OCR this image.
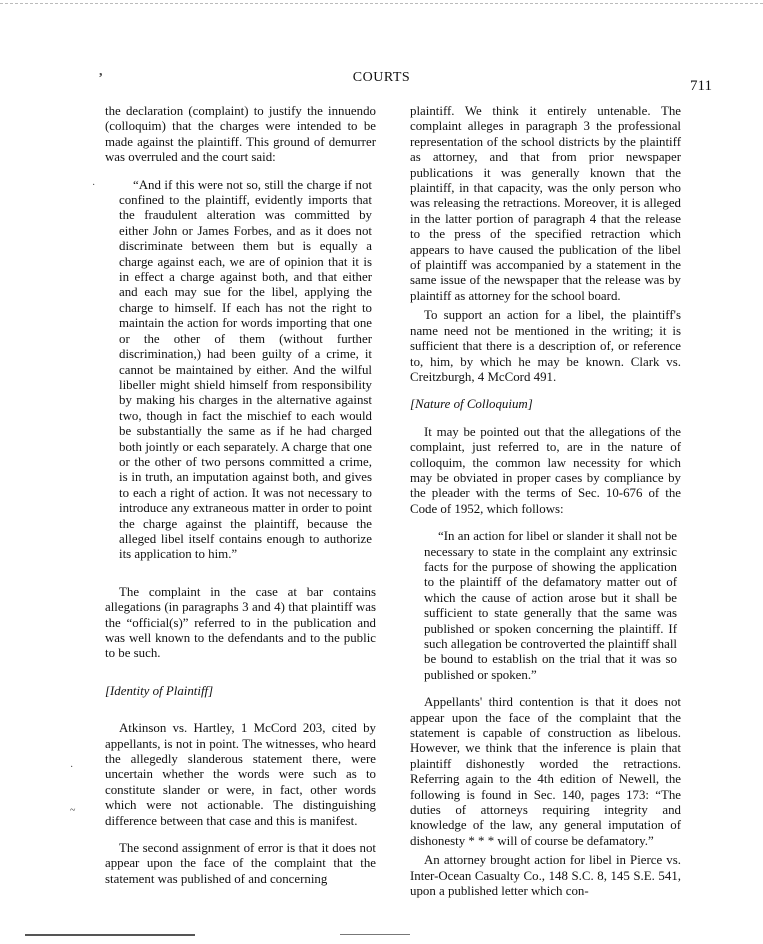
COURTS
711
,
·
·
~

the declaration (complaint) to justify the innuendo (colloquim) that the charges were intended to be made against the plaintiff. This ground of demurrer was overruled and the court said:

“And if this were not so, still the charge if not confined to the plaintiff, evidently imports that the fraudulent alteration was committed by either John or James Forbes, and as it does not discriminate between them but is equally a charge against each, we are of opinion that it is in effect a charge against both, and that either and each may sue for the libel, applying the charge to himself. If each has not the right to maintain the action for words importing that one or the other of them (without further discrimination,) had been guilty of a crime, it cannot be maintained by either. And the wilful libeller might shield himself from responsibility by making his charges in the alternative against two, though in fact the mischief to each would be substantially the same as if he had charged both jointly or each separately. A charge that one or the other of two persons committed a crime, is in truth, an imputation against both, and gives to each a right of action. It was not necessary to introduce any extraneous matter in order to point the charge against the plaintiff, because the alleged libel itself contains enough to authorize its application to him.”

The complaint in the case at bar contains allegations (in paragraphs 3 and 4) that plaintiff was the “official(s)” referred to in the publication and was well known to the defendants and to the public to be such.

[Identity of Plaintiff]

Atkinson vs. Hartley, 1 McCord 203, cited by appellants, is not in point. The witnesses, who heard the allegedly slanderous statement there, were uncertain whether the words were such as to constitute slander or were, in fact, other words which were not actionable. The distinguishing difference between that case and this is manifest.

The second assignment of error is that it does not appear upon the face of the complaint that the statement was published of and concerning

plaintiff. We think it entirely untenable. The complaint alleges in paragraph 3 the professional representation of the school districts by the plaintiff as attorney, and that from prior newspaper publications it was generally known that the plaintiff, in that capacity, was the only person who was releasing the retractions. Moreover, it is alleged in the latter portion of paragraph 4 that the release to the press of the specified retraction which appears to have caused the publication of the libel of plaintiff was accompanied by a statement in the same issue of the newspaper that the release was by plaintiff as attorney for the school board.

To support an action for a libel, the plaintiff's name need not be mentioned in the writing; it is sufficient that there is a description of, or reference to, him, by which he may be known. Clark vs. Creitzburgh, 4 McCord 491.

[Nature of Colloquium]

It may be pointed out that the allegations of the complaint, just referred to, are in the nature of colloquim, the common law necessity for which may be obviated in proper cases by compliance by the pleader with the terms of Sec. 10-676 of the Code of 1952, which follows:

“In an action for libel or slander it shall not be necessary to state in the complaint any extrinsic facts for the purpose of showing the application to the plaintiff of the defamatory matter out of which the cause of action arose but it shall be sufficient to state generally that the same was published or spoken concerning the plaintiff. If such allegation be controverted the plaintiff shall be bound to establish on the trial that it was so published or spoken.”

Appellants' third contention is that it does not appear upon the face of the complaint that the statement is capable of construction as libelous. However, we think that the inference is plain that plaintiff dishonestly worded the retractions. Referring again to the 4th edition of Newell, the following is found in Sec. 140, pages 173: “The duties of attorneys requiring integrity and knowledge of the law, any general imputation of dishonesty * * * will of course be defamatory.”

An attorney brought action for libel in Pierce vs. Inter-Ocean Casualty Co., 148 S.C. 8, 145 S.E. 541, upon a published letter which con-
